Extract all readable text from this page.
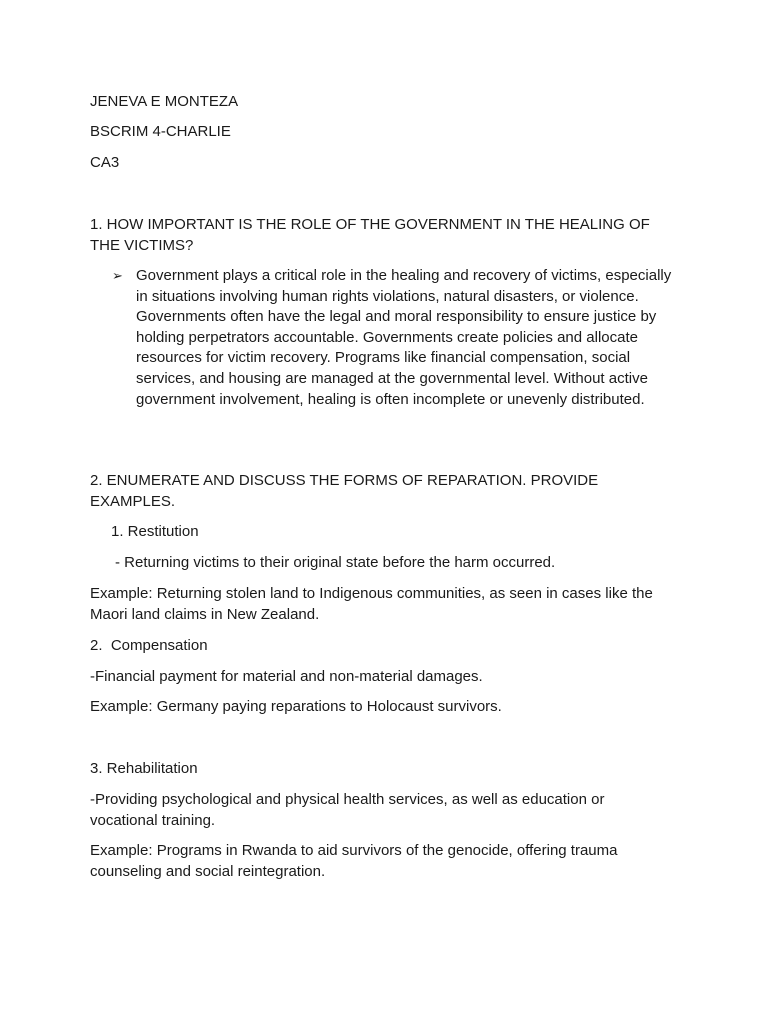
JENEVA E MONTEZA

BSCRIM 4-CHARLIE

CA3

1. HOW IMPORTANT IS THE ROLE OF THE GOVERNMENT IN THE HEALING OF THE VICTIMS?

➢ Government plays a critical role in the healing and recovery of victims, especially in situations involving human rights violations, natural disasters, or violence. Governments often have the legal and moral responsibility to ensure justice by holding perpetrators accountable. Governments create policies and allocate resources for victim recovery. Programs like financial compensation, social services, and housing are managed at the governmental level. Without active government involvement, healing is often incomplete or unevenly distributed.

2. ENUMERATE AND DISCUSS THE FORMS OF REPARATION. PROVIDE EXAMPLES.

1. Restitution

- Returning victims to their original state before the harm occurred.

Example: Returning stolen land to Indigenous communities, as seen in cases like the Maori land claims in New Zealand.

2.  Compensation

-Financial payment for material and non-material damages.

Example: Germany paying reparations to Holocaust survivors.

3. Rehabilitation

-Providing psychological and physical health services, as well as education or vocational training.

Example: Programs in Rwanda to aid survivors of the genocide, offering trauma counseling and social reintegration.
